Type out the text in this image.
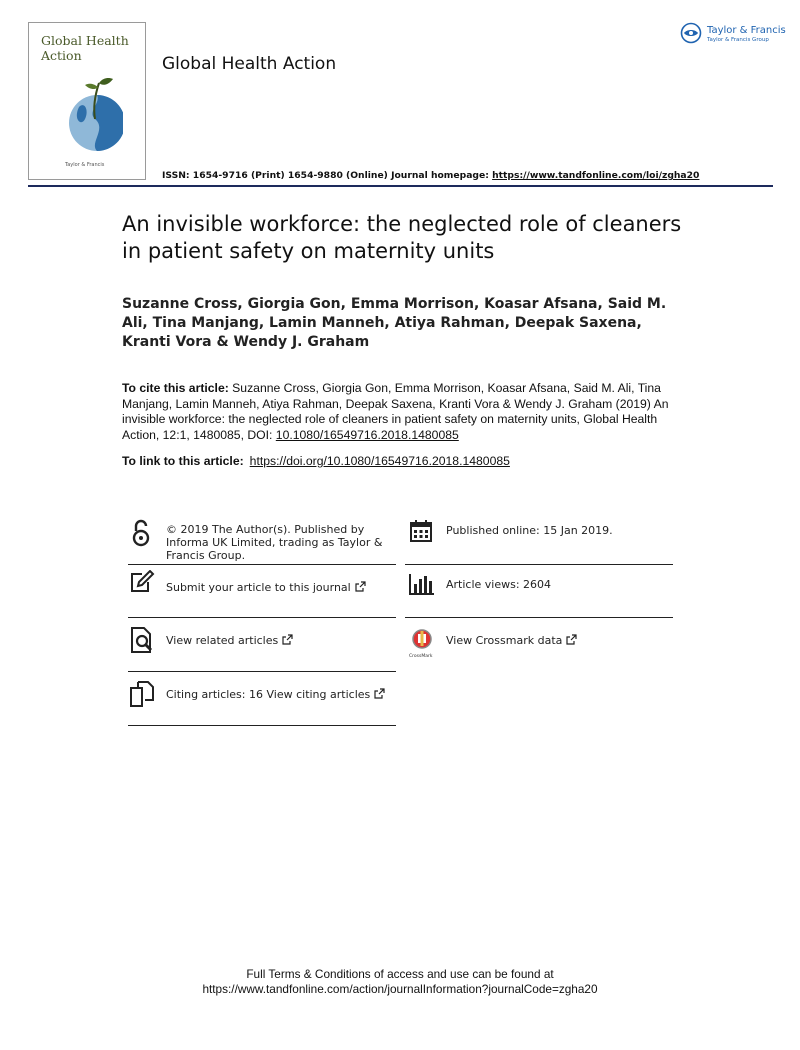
Global Health Action
Taylor & Francis
Global Health Action
Taylor & Francis
Taylor & Francis Group
ISSN: 1654-9716 (Print) 1654-9880 (Online) Journal homepage: https://www.tandfonline.com/loi/zgha20
An invisible workforce: the neglected role of cleaners in patient safety on maternity units
Suzanne Cross, Giorgia Gon, Emma Morrison, Koasar Afsana, Said M. Ali, Tina Manjang, Lamin Manneh, Atiya Rahman, Deepak Saxena, Kranti Vora & Wendy J. Graham
To cite this article: Suzanne Cross, Giorgia Gon, Emma Morrison, Koasar Afsana, Said M. Ali, Tina Manjang, Lamin Manneh, Atiya Rahman, Deepak Saxena, Kranti Vora & Wendy J. Graham (2019) An invisible workforce: the neglected role of cleaners in patient safety on maternity units, Global Health Action, 12:1, 1480085, DOI: 10.1080/16549716.2018.1480085
To link to this article: https://doi.org/10.1080/16549716.2018.1480085
© 2019 The Author(s). Published by Informa UK Limited, trading as Taylor & Francis Group.
Published online: 15 Jan 2019.
Submit your article to this journal	Article views: 2604
View related articles
CrossMark
View Crossmark data
Citing articles: 16 View citing articles
Full Terms & Conditions of access and use can be found at
https://www.tandfonline.com/action/journalInformation?journalCode=zgha20
